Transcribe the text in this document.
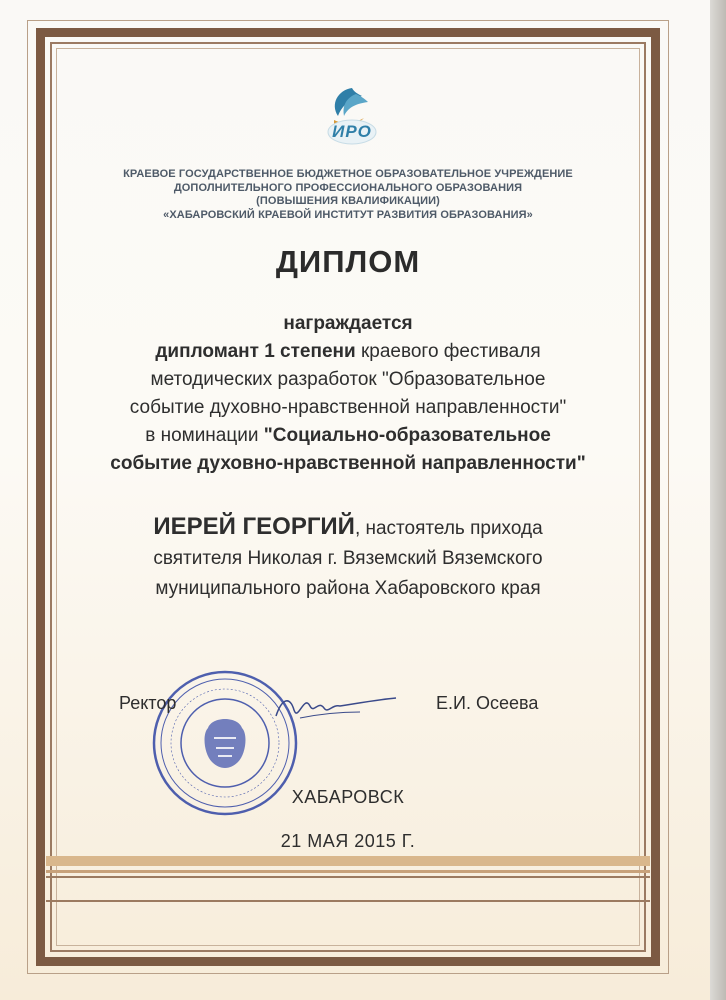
ИРО
КРАЕВОЕ ГОСУДАРСТВЕННОЕ БЮДЖЕТНОЕ ОБРАЗОВАТЕЛЬНОЕ УЧРЕЖДЕНИЕ
ДОПОЛНИТЕЛЬНОГО ПРОФЕССИОНАЛЬНОГО ОБРАЗОВАНИЯ
(ПОВЫШЕНИЯ КВАЛИФИКАЦИИ)
«ХАБАРОВСКИЙ КРАЕВОЙ ИНСТИТУТ РАЗВИТИЯ ОБРАЗОВАНИЯ»
ДИПЛОМ
награждается
дипломант 1 степени краевого фестиваля
методических разработок "Образовательное
событие духовно-нравственной направленности"
в номинации "Социально-образовательное
событие духовно-нравственной направленности"
ИЕРЕЙ ГЕОРГИЙ, настоятель прихода
святителя Николая г. Вяземский Вяземского
муниципального района Хабаровского края
Ректор	Е.И. Осеева
ХАБАРОВСК
21 МАЯ 2015 Г.
